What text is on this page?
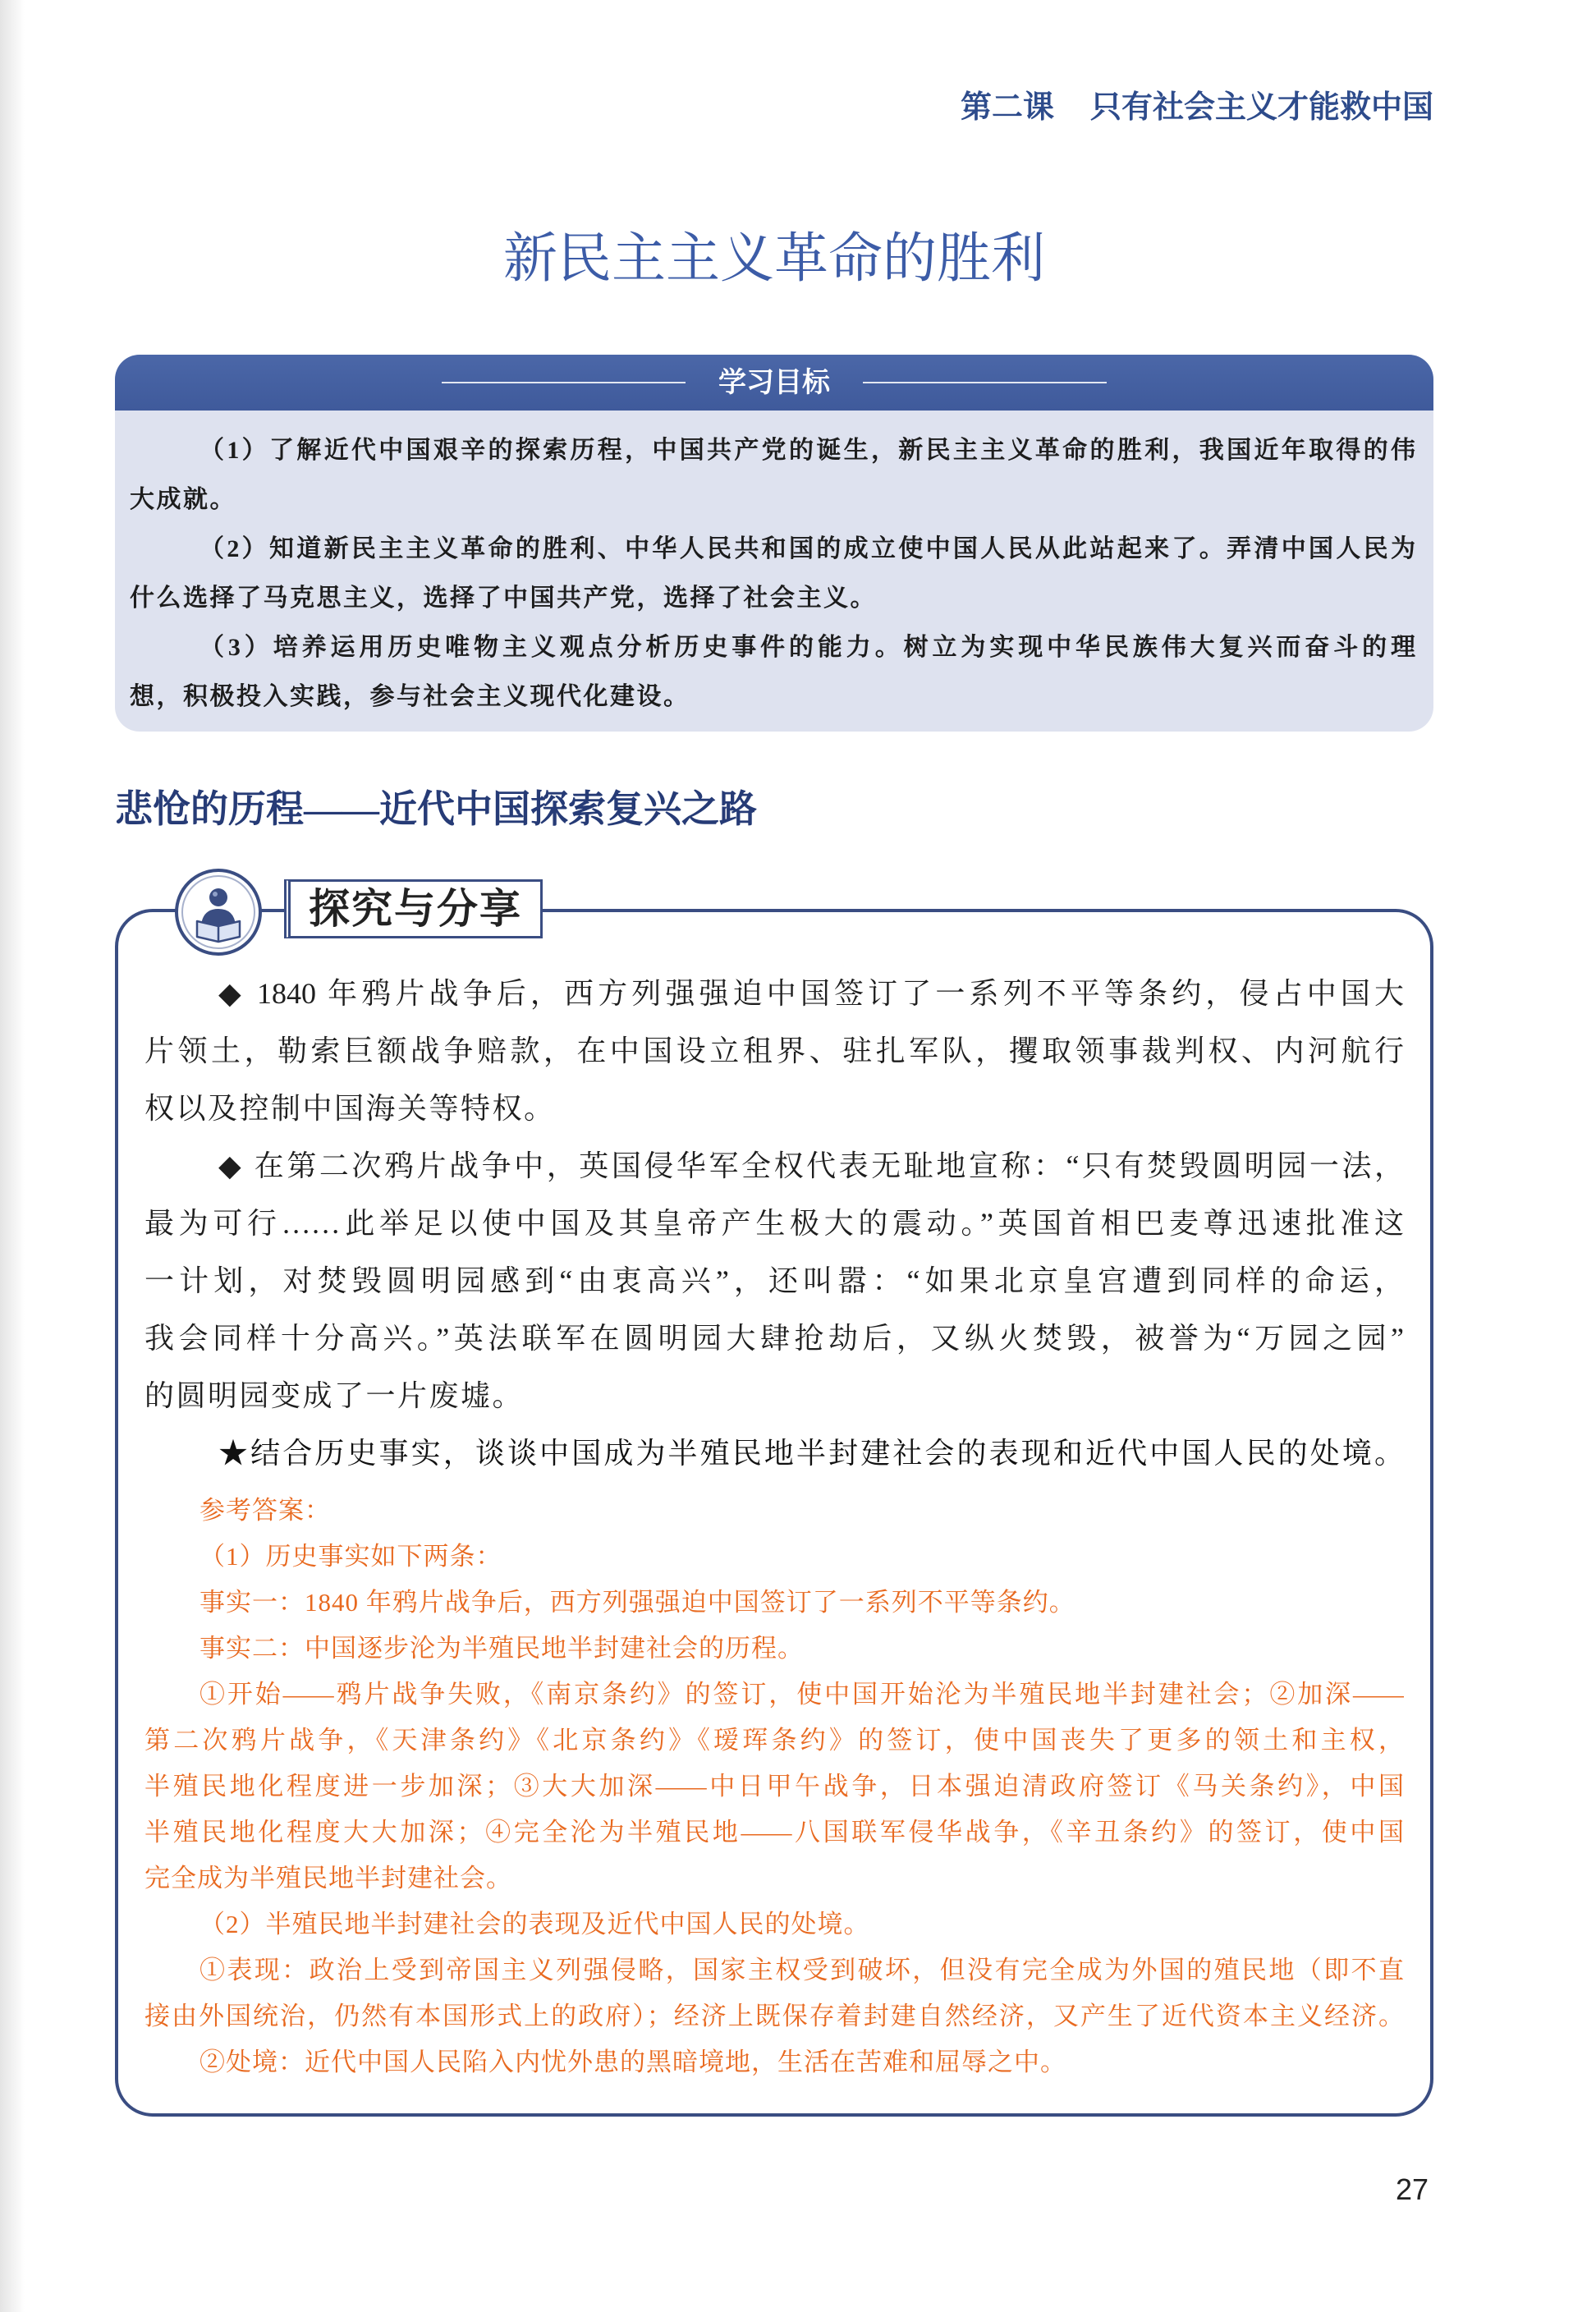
第二课 只有社会主义才能救中国
新民主主义革命的胜利
学习目标
（1）了解近代中国艰辛的探索历程，中国共产党的诞生，新民主主义革命的胜利，我国近年取得的伟
大成就。
（2）知道新民主主义革命的胜利、中华人民共和国的成立使中国人民从此站起来了。弄清中国人民为
什么选择了马克思主义，选择了中国共产党，选择了社会主义。
（3）培养运用历史唯物主义观点分析历史事件的能力。树立为实现中华民族伟大复兴而奋斗的理
想，积极投入实践，参与社会主义现代化建设。
悲怆的历程——近代中国探索复兴之路
探究与分享
◆ 1840 年鸦片战争后，西方列强强迫中国签订了一系列不平等条约，侵占中国大
片领土，勒索巨额战争赔款，在中国设立租界、驻扎军队，攫取领事裁判权、内河航行
权以及控制中国海关等特权。
◆ 在第二次鸦片战争中，英国侵华军全权代表无耻地宣称：“只有焚毁圆明园一法，
最为可行……此举足以使中国及其皇帝产生极大的震动。”英国首相巴麦尊迅速批准这
一计划，对焚毁圆明园感到“由衷高兴”，还叫嚣：“如果北京皇宫遭到同样的命运，
我会同样十分高兴。”英法联军在圆明园大肆抢劫后，又纵火焚毁，被誉为“万园之园”
的圆明园变成了一片废墟。
★结合历史事实，谈谈中国成为半殖民地半封建社会的表现和近代中国人民的处境。
参考答案：
（1）历史事实如下两条：
事实一：1840 年鸦片战争后，西方列强强迫中国签订了一系列不平等条约。
事实二：中国逐步沦为半殖民地半封建社会的历程。
①开始——鸦片战争失败，《南京条约》的签订，使中国开始沦为半殖民地半封建社会；②加深——
第二次鸦片战争，《天津条约》《北京条约》《瑷珲条约》的签订，使中国丧失了更多的领土和主权，
半殖民地化程度进一步加深；③大大加深——中日甲午战争，日本强迫清政府签订《马关条约》，中国
半殖民地化程度大大加深；④完全沦为半殖民地——八国联军侵华战争，《辛丑条约》的签订，使中国
完全成为半殖民地半封建社会。
（2）半殖民地半封建社会的表现及近代中国人民的处境。
①表现：政治上受到帝国主义列强侵略，国家主权受到破坏，但没有完全成为外国的殖民地（即不直
接由外国统治，仍然有本国形式上的政府）；经济上既保存着封建自然经济，又产生了近代资本主义经济。
②处境：近代中国人民陷入内忧外患的黑暗境地，生活在苦难和屈辱之中。
27
